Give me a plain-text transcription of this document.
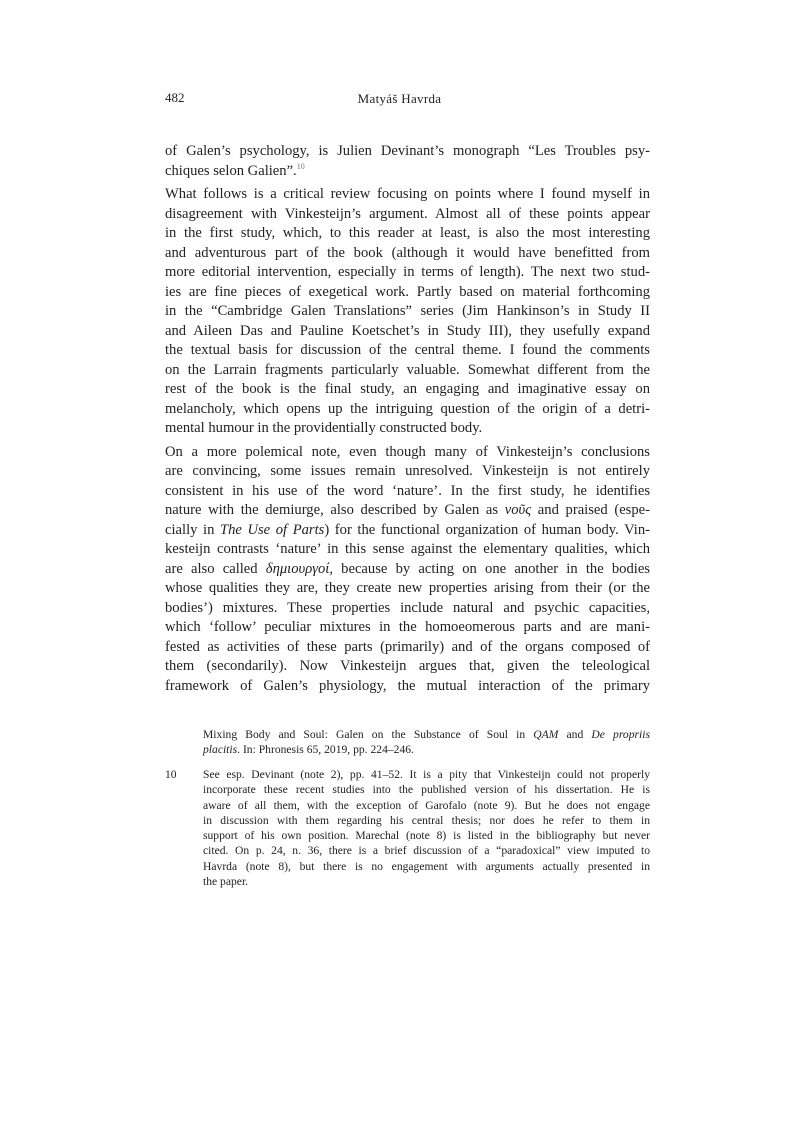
482	Matyáš Havrda
of Galen’s psychology, is Julien Devinant’s monograph “Les Troubles psy-
chiques selon Galien”.$^{10}$
What follows is a critical review focusing on points where I found myself in
disagreement with Vinkesteijn’s argument. Almost all of these points appear
in the first study, which, to this reader at least, is also the most interesting
and adventurous part of the book (although it would have benefitted from
more editorial intervention, especially in terms of length). The next two stud-
ies are fine pieces of exegetical work. Partly based on material forthcoming
in the “Cambridge Galen Translations” series (Jim Hankinson’s in Study II
and Aileen Das and Pauline Koetschet’s in Study III), they usefully expand
the textual basis for discussion of the central theme. I found the comments
on the Larrain fragments particularly valuable. Somewhat different from the
rest of the book is the final study, an engaging and imaginative essay on
melancholy, which opens up the intriguing question of the origin of a detri-
mental humour in the providentially constructed body.
On a more polemical note, even though many of Vinkesteijn’s conclusions
are convincing, some issues remain unresolved. Vinkesteijn is not entirely
consistent in his use of the word ‘nature’. In the first study, he identifies
nature with the demiurge, also described by Galen as νοῦς and praised (espe-
cially in The Use of Parts) for the functional organization of human body. Vin-
kesteijn contrasts ‘nature’ in this sense against the elementary qualities, which
are also called δημιουργοί, because by acting on one another in the bodies
whose qualities they are, they create new properties arising from their (or the
bodies’) mixtures. These properties include natural and psychic capacities,
which ‘follow’ peculiar mixtures in the homoeomerous parts and are mani-
fested as activities of these parts (primarily) and of the organs composed of
them (secondarily). Now Vinkesteijn argues that, given the teleological
framework of Galen’s physiology, the mutual interaction of the primary
Mixing Body and Soul: Galen on the Substance of Soul in QAM and De propriis
placitis. In: Phronesis 65, 2019, pp. 224–246.
10 See esp. Devinant (note 2), pp. 41–52. It is a pity that Vinkesteijn could not properly
incorporate these recent studies into the published version of his dissertation. He is
aware of all them, with the exception of Garofalo (note 9). But he does not engage
in discussion with them regarding his central thesis; nor does he refer to them in
support of his own position. Marechal (note 8) is listed in the bibliography but never
cited. On p. 24, n. 36, there is a brief discussion of a “paradoxical” view imputed to
Havrda (note 8), but there is no engagement with arguments actually presented in
the paper.
